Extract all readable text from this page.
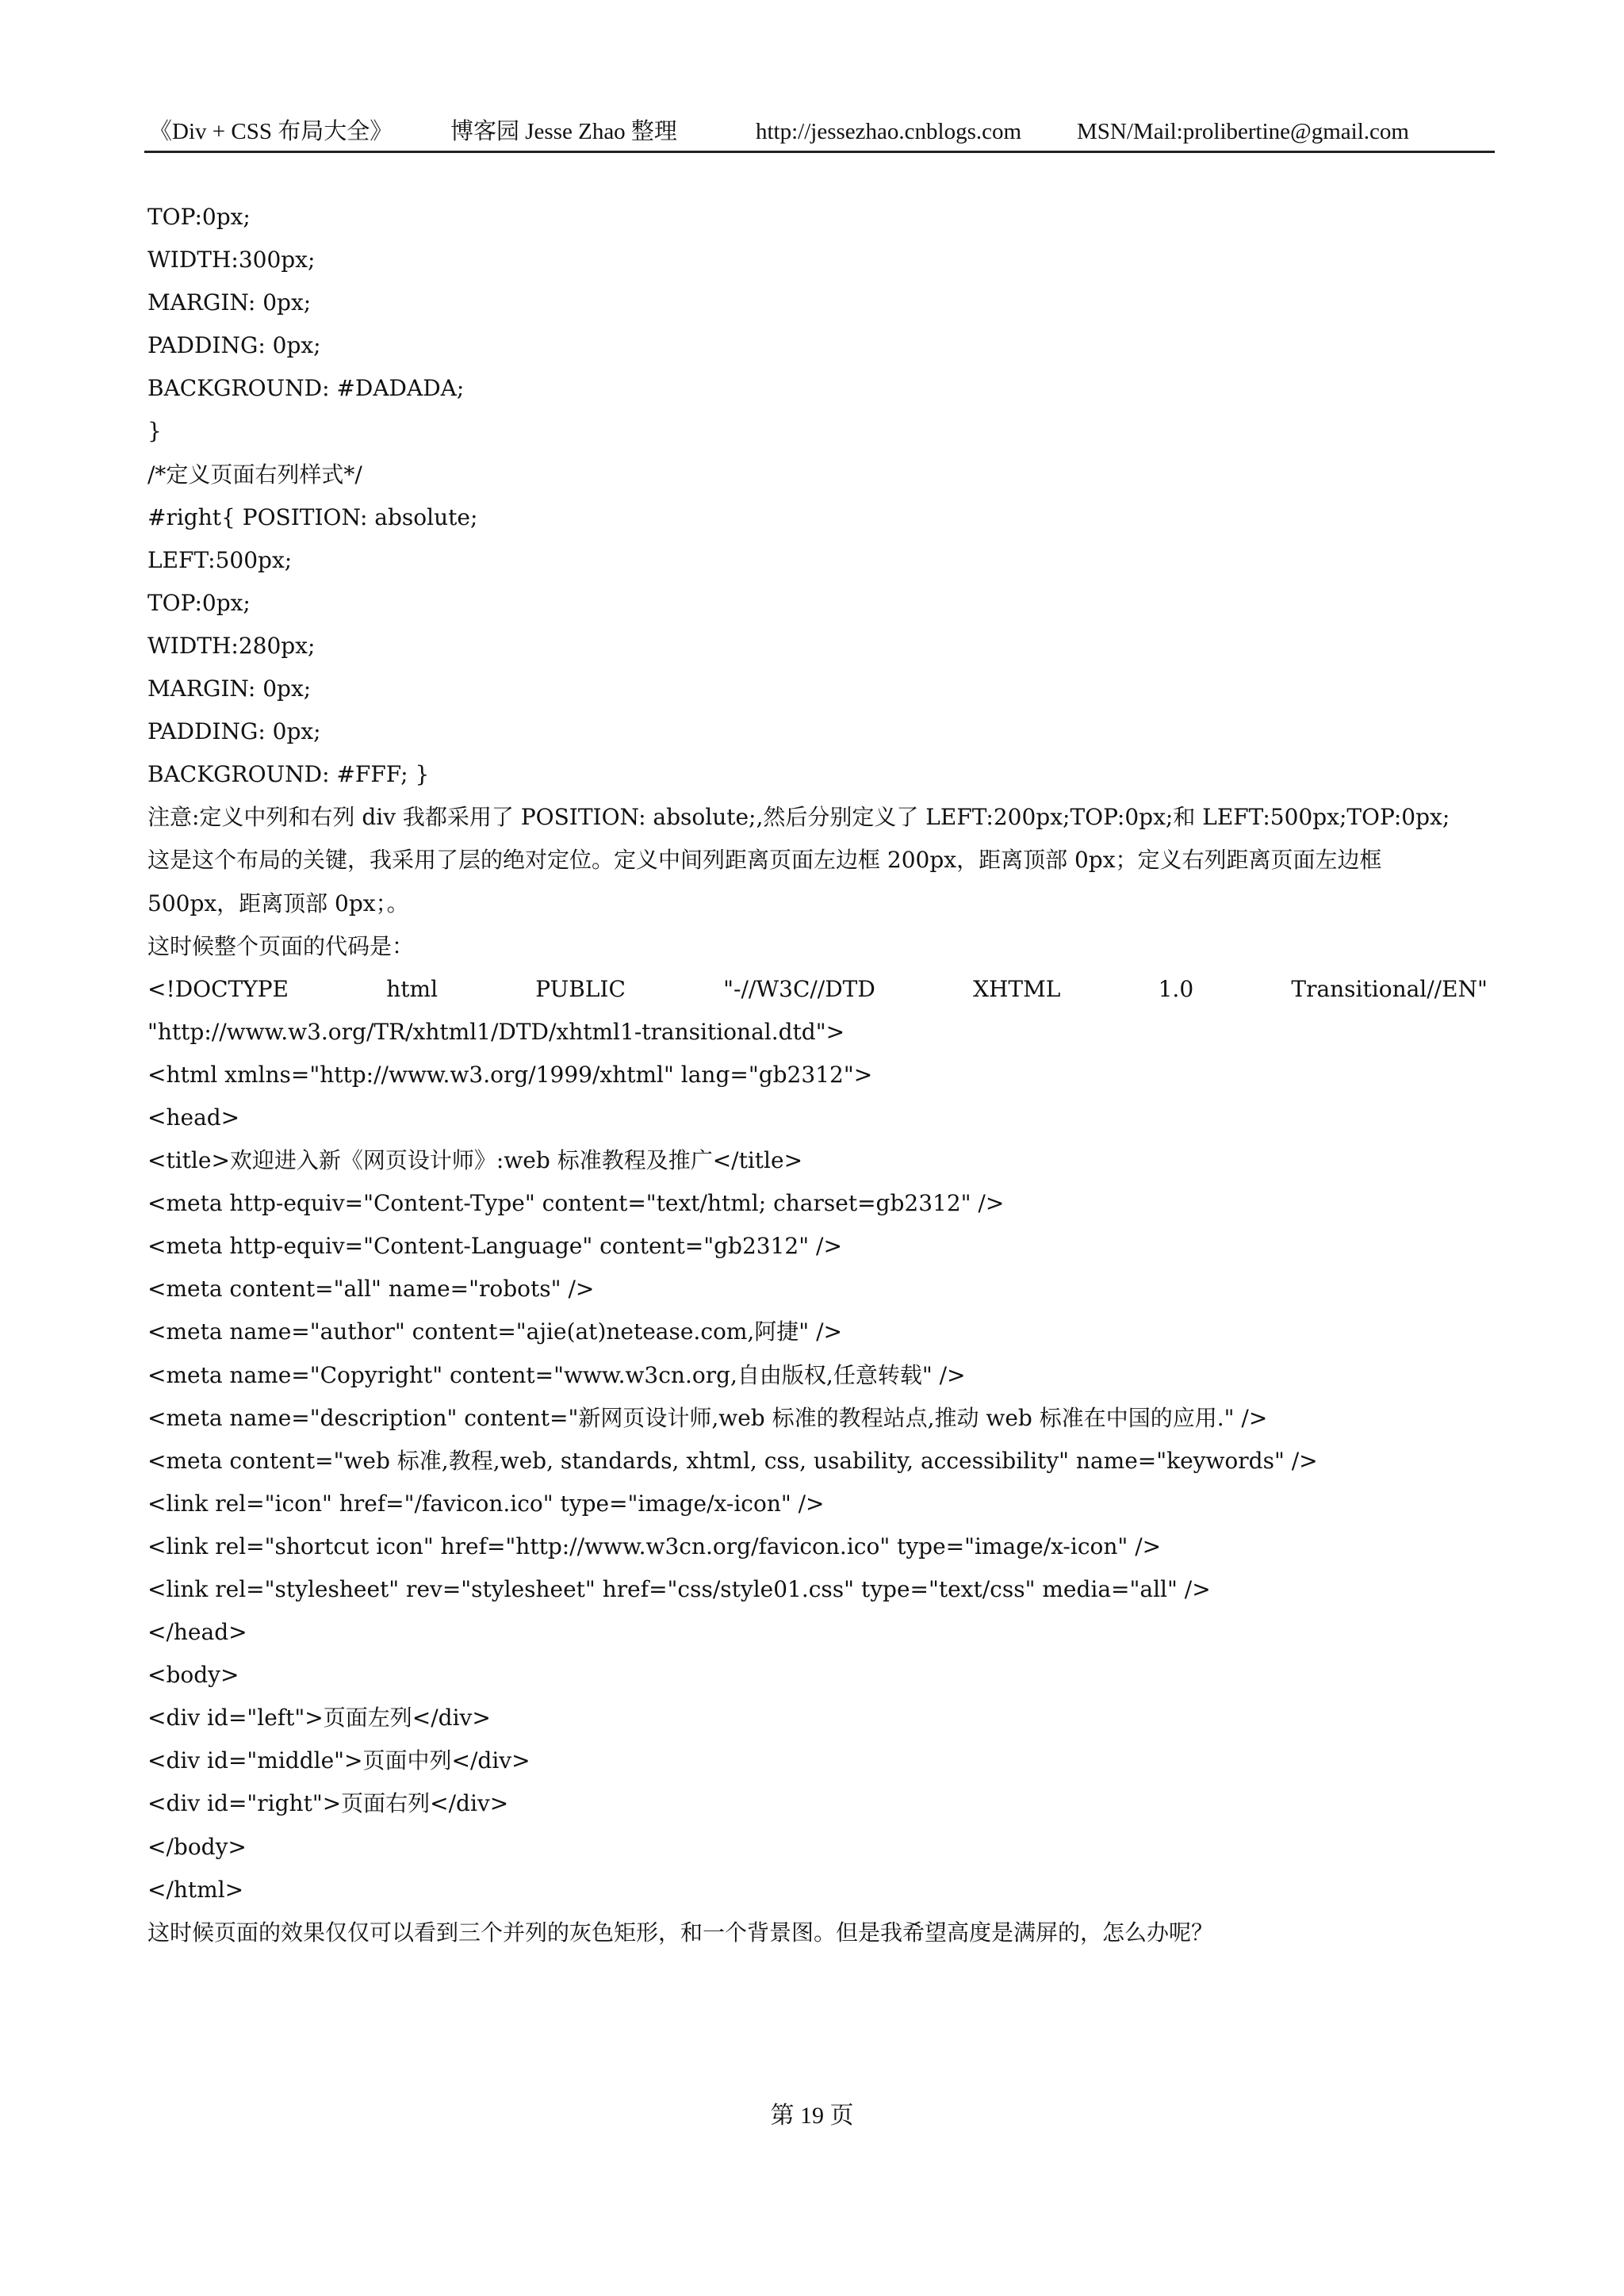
《Div + CSS 布局大全》	博客园 Jesse Zhao 整理	http://jessezhao.cnblogs.com MSN/Mail:prolibertine@gmail.com
TOP:0px;
WIDTH:300px;
MARGIN: 0px;
PADDING: 0px;
BACKGROUND: #DADADA;
}
/*定义页面右列样式*/
#right{ POSITION: absolute;
LEFT:500px;
TOP:0px;
WIDTH:280px;
MARGIN: 0px;
PADDING: 0px;
BACKGROUND: #FFF; }
注意:定义中列和右列 div 我都采用了 POSITION: absolute;,然后分别定义了 LEFT:200px;TOP:0px;和 LEFT:500px;TOP:0px;
这是这个布局的关键，我采用了层的绝对定位。定义中间列距离页面左边框 200px，距离顶部 0px；定义右列距离页面左边框
500px，距离顶部 0px；。
这时候整个页面的代码是：
<!DOCTYPE	html	PUBLIC	"-//W3C//DTD	XHTML	1.0	Transitional//EN"
"http://www.w3.org/TR/xhtml1/DTD/xhtml1-transitional.dtd">
<html xmlns="http://www.w3.org/1999/xhtml" lang="gb2312">
<head>
<title>欢迎进入新《网页设计师》:web 标准教程及推广</title>
<meta http-equiv="Content-Type" content="text/html; charset=gb2312" />
<meta http-equiv="Content-Language" content="gb2312" />
<meta content="all" name="robots" />
<meta name="author" content="ajie(at)netease.com,阿捷" />
<meta name="Copyright" content="www.w3cn.org,自由版权,任意转载" />
<meta name="description" content="新网页设计师,web 标准的教程站点,推动 web 标准在中国的应用." />
<meta content="web 标准,教程,web, standards, xhtml, css, usability, accessibility" name="keywords" />
<link rel="icon" href="/favicon.ico" type="image/x-icon" />
<link rel="shortcut icon" href="http://www.w3cn.org/favicon.ico" type="image/x-icon" />
<link rel="stylesheet" rev="stylesheet" href="css/style01.css" type="text/css" media="all" />
</head>
<body>
<div id="left">页面左列</div>
<div id="middle">页面中列</div>
<div id="right">页面右列</div>
</body>
</html>
这时候页面的效果仅仅可以看到三个并列的灰色矩形，和一个背景图。但是我希望高度是满屏的，怎么办呢？
第 19 页
